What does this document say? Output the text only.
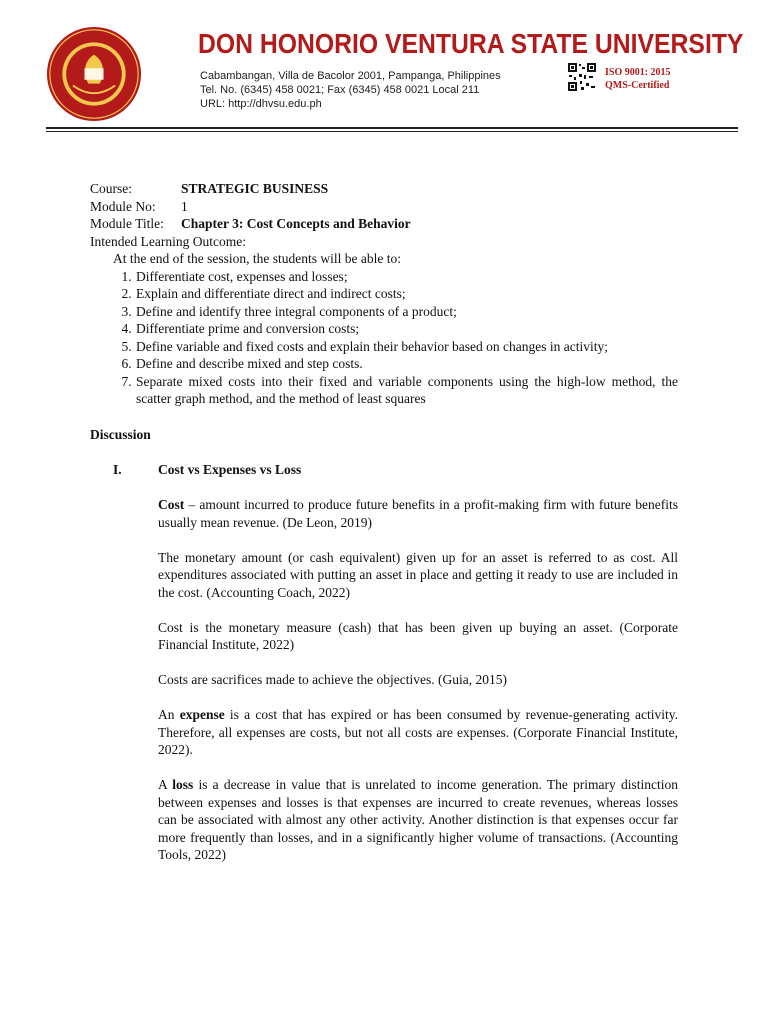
DON HONORIO VENTURA STATE UNIVERSITY
Cabambangan, Villa de Bacolor 2001, Pampanga, Philippines
Tel. No. (6345) 458 0021; Fax (6345) 458 0021 Local 211
URL: http://dhvsu.edu.ph
ISO 9001: 2015
QMS-Certified
Course:	STRATEGIC BUSINESS
Module No:	1
Module Title:	Chapter 3: Cost Concepts and Behavior
Intended Learning Outcome:
At the end of the session, the students will be able to:
1. Differentiate cost, expenses and losses;
2. Explain and differentiate direct and indirect costs;
3. Define and identify three integral components of a product;
4. Differentiate prime and conversion costs;
5. Define variable and fixed costs and explain their behavior based on changes in activity;
6. Define and describe mixed and step costs.
7. Separate mixed costs into their fixed and variable components using the high-low method, the scatter graph method, and the method of least squares
Discussion
I.	Cost vs Expenses vs Loss
Cost – amount incurred to produce future benefits in a profit-making firm with future benefits usually mean revenue. (De Leon, 2019)
The monetary amount (or cash equivalent) given up for an asset is referred to as cost. All expenditures associated with putting an asset in place and getting it ready to use are included in the cost. (Accounting Coach, 2022)
Cost is the monetary measure (cash) that has been given up buying an asset. (Corporate Financial Institute, 2022)
Costs are sacrifices made to achieve the objectives. (Guia, 2015)
An expense is a cost that has expired or has been consumed by revenue-generating activity. Therefore, all expenses are costs, but not all costs are expenses. (Corporate Financial Institute, 2022).
A loss is a decrease in value that is unrelated to income generation. The primary distinction between expenses and losses is that expenses are incurred to create revenues, whereas losses can be associated with almost any other activity. Another distinction is that expenses occur far more frequently than losses, and in a significantly higher volume of transactions. (Accounting Tools, 2022)
